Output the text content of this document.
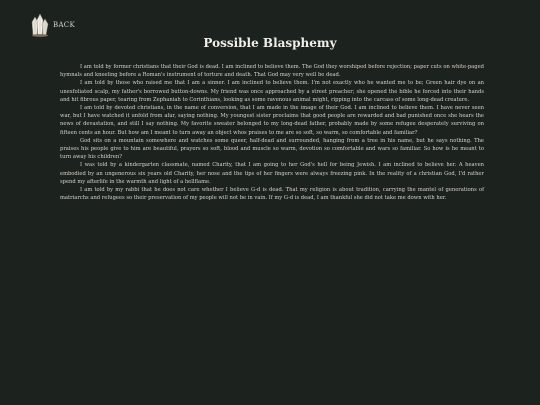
BACK
Possible Blasphemy

I am told by former christians that their God is dead. I am inclined to believe them. The God they worshiped before rejection; paper cuts on white-paged hymnals and kneeling before a Roman's instrument of torture and death. That God may very well be dead.

I am told by those who raised me that I am a sinner. I am inclined to believe them. I'm not exactly who he wanted me to be; Green hair dye on an unexfoliated scalp, my father's borrowed button-downs. My friend was once approached by a street preacher; she opened the bible he forced into their hands and hit fibrous paper, tearing from Zephaniah to Corinthians, looking as some ravenous animal might, ripping into the carcass of some long-dead creature.

I am told by devoted christians, in the name of conversion, that I am made in the image of their God. I am inclined to believe them. I have never seen war, but I have watched it unfold from afar, saying nothing. My youngest sister proclaims that good people are rewarded and bad punished once she hears the news of devastation, and still I say nothing. My favorite sweater belonged to my long-dead father, probably made by some refugee desperately surviving on fifteen cents an hour. But how am I meant to turn away an object whos praises to me are so soft, so warm, so comfortable and familiar?

God sits on a mountain somewhere and watches some queer, half-dead and surrounded, hanging from a tree in his name, but he says nothing. The praises his people give to him are beautiful, prayers so soft, blood and muscle so warm, devotion so comfortable and wars so familiar. So how is he meant to turn away his children?

I was told by a kindergarten classmate, named Charity, that I am going to her God's hell for being Jewish. I am inclined to believe her. A heaven embodied by an ungenerous six years old Charity, her nose and the tips of her fingers were always freezing pink. In the reality of a christian God, I'd rather spend my afterlife in the warmth and light of a hellflame.

I am told by my rabbi that he does not care whether I believe G-d is dead. That my religion is about tradition, carrying the mantel of generations of matriarchs and refugees so their preservation of my people will not be in vain. If my G-d is dead, I am thankful she did not take me down with her.
